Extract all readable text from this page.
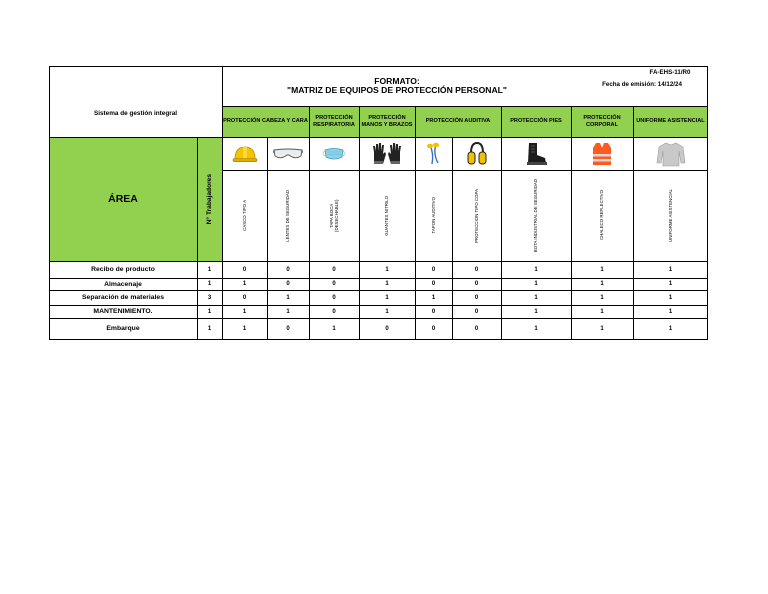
Sistema de gestión integral
FORMATO:
"MATRIZ DE EQUIPOS DE PROTECCIÓN PERSONAL"
FA-EHS-11/R0
Fecha de emisión: 14/12/24
PROTECCIÓN CABEZA Y CARA
PROTECCIÓN RESPIRATORIA
PROTECCIÓN MANOS Y BRAZOS
PROTECCIÓN AUDITIVA	PROTECCIÓN PIES
PROTECCIÓN CORPORAL
UNIFORME ASISTENCIAL
ÁREA	N° Trabajadores	CASCO TIPO A	LENTES DE SEGURIDAD	TAPA BOCA (DESECHABLE)	GUANTES NITRILO	TAPON AUDITIVO	PROTECCION TIPO COPA	BOTA INDUSTRIAL DE SEGURIDAD	CHALECO REFLECTIVO	UNIFORME ASISTENCIAL
Recibo de producto	1	0	0	0	1	0	0	1	1	1
Almacenaje	1	1	0	0	1	0	0	1	1	1
Separación de materiales	3	0	1	0	1	1	0	1	1	1
MANTENIMIENTO.	1	1	1	0	1	0	0	1	1	1
Embarque	1	1	0	1	0	0	0	1	1	1
